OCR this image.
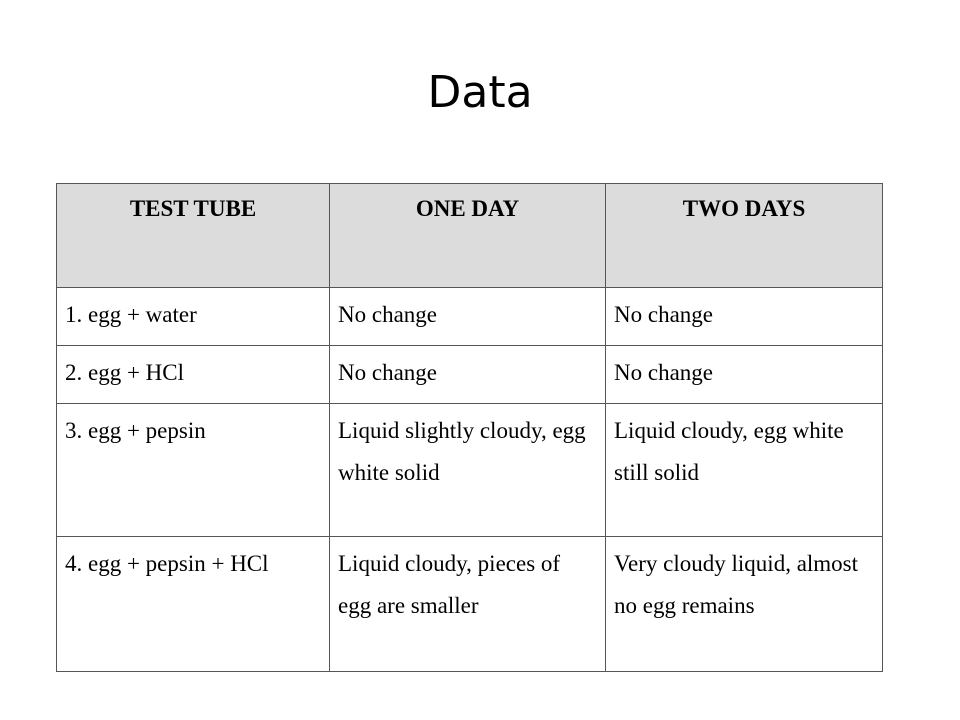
Data
TEST TUBE	ONE DAY	TWO DAYS
1. egg + water	No change	No change
2. egg + HCl	No change	No change
3. egg + pepsin	Liquid slightly cloudy, egg white solid	Liquid cloudy, egg white still solid
4. egg + pepsin + HCl	Liquid cloudy, pieces of egg are smaller	Very cloudy liquid, almost no egg remains
